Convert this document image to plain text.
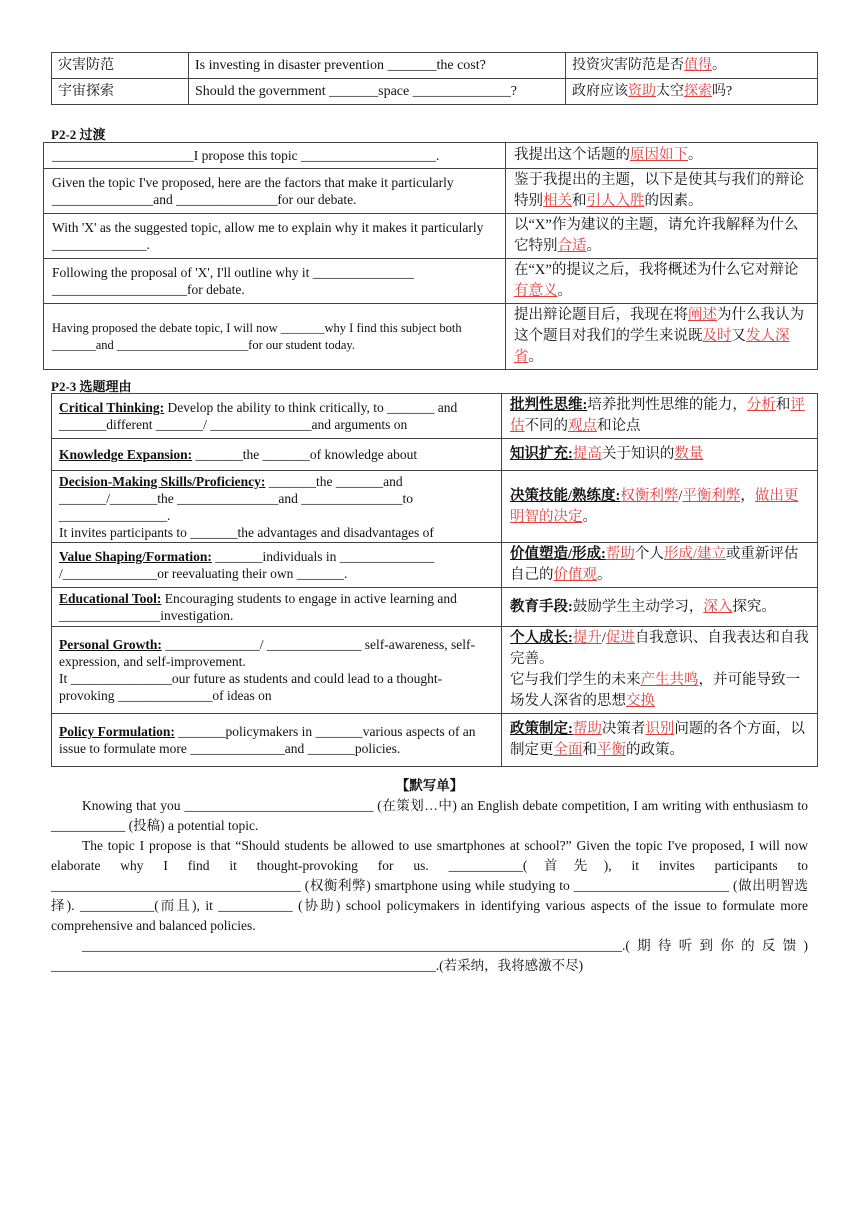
灾害防范	Is investing in disaster prevention _______the cost?	投资灾害防范是否值得。
宇宙探索	Should the government _______space ______________?	政府应该资助太空探索吗?
P2-2 过渡
_____________________I propose this topic ____________________.	我提出这个话题的原因如下。
Given the topic I've proposed, here are the factors that make it particularly _______________and _______________for our debate.	鉴于我提出的主题，以下是使其与我们的辩论特别相关和引人入胜的因素。
With 'X' as the suggested topic, allow me to explain why it makes it particularly ______________.	以“X”作为建议的主题，请允许我解释为什么它特别合适。
Following the proposal of 'X', I'll outline why it _______________ ____________________for debate.	在“X”的提议之后，我将概述为什么它对辩论有意义。
Having proposed the debate topic, I will now _______why I find this subject both _______and _____________________for our student today.	提出辩论题目后，我现在将阐述为什么我认为这个题目对我们的学生来说既及时又发人深省。
P2-3 选题理由
Critical Thinking: Develop the ability to think critically, to _______ and _______different _______/ _______________and arguments on	批判性思维:培养批判性思维的能力，分析和评估不同的观点和论点
Knowledge Expansion: _______the _______of knowledge about	知识扩充:提高关于知识的数量
Decision-Making Skills/Proficiency: _______the _______and _______/_______the _______________and _______________to ________________.
It invites participants to _______the advantages and disadvantages of	决策技能/熟练度:权衡利弊/平衡利弊，做出更明智的决定。
Value Shaping/Formation: _______individuals in ______________ /______________or reevaluating their own _______.	价值塑造/形成:帮助个人形成/建立或重新评估自己的价值观。
Educational Tool: Encouraging students to engage in active learning and _______________investigation.	教育手段:鼓励学生主动学习，深入探究。
Personal Growth: ______________/ ______________ self-awareness, self-expression, and self-improvement.
It _______________our future as students and could lead to a thought-provoking ______________of ideas on	个人成长:提升/促进自我意识、自我表达和自我完善。
它与我们学生的未来产生共鸣，并可能导致一场发人深省的思想交换
Policy Formulation: _______policymakers in _______various aspects of an issue to formulate more ______________and _______policies.	政策制定:帮助决策者识别问题的各个方面，以制定更全面和平衡的政策。
【默写单】

Knowing that you ____________________________ (在策划…中) an English debate competition, I am writing with enthusiasm to ___________ (投稿) a potential topic.

The topic I propose is that “Should students be allowed to use smartphones at school?” Given the topic I've proposed, I will now elaborate why I find it thought-provoking for us. ___________(首先), it invites participants to _____________________________________ (权衡利弊) smartphone using while studying to _______________________ (做出明智选择). ___________(而且), it ___________ (协助) school policymakers in identifying various aspects of the issue to formulate more comprehensive and balanced policies.

________________________________________________________________________________.(期待听到你的反馈) _________________________________________________________.(若采纳，我将感激不尽)
